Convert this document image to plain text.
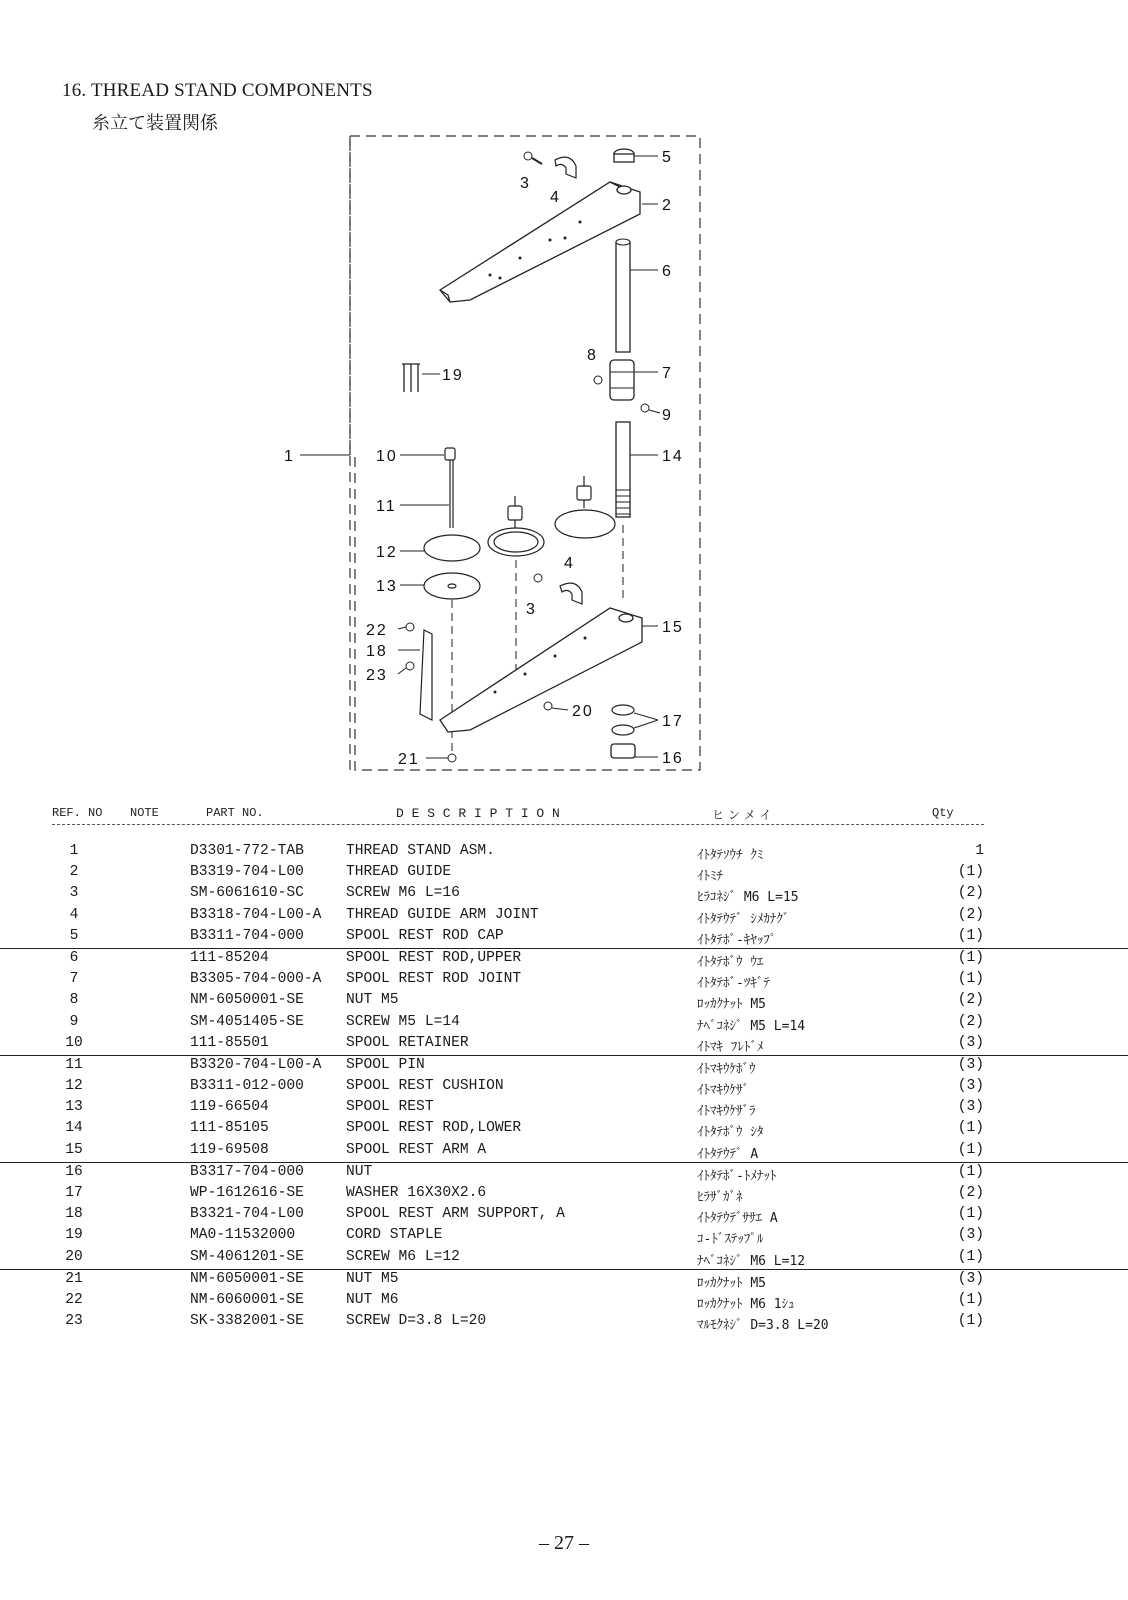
16. THREAD STAND COMPONENTS
糸立て装置関係
5
2
3
4
6
8
7
9
19
1	10	14
11
12
4
13
3
22	15
18
23
20
17
21	16
REF. NO NOTE	PART NO.	D E S C R I P T I O N	ヒ ン メ イ	Qty
1	D3301-772-TAB	THREAD STAND ASM.	ｲﾄﾀﾃｿｳﾁ ｸﾐ	1
2	B3319-704-L00	THREAD GUIDE	ｲﾄﾐﾁ	(1)
3	SM-6061610-SC	SCREW M6 L=16	ﾋﾗｺﾈｼﾞ M6 L=15	(2)
4	B3318-704-L00-A THREAD GUIDE ARM JOINT	ｲﾄﾀﾃｳﾃﾞ ｼﾒｶﾅｸﾞ	(2)
5	B3311-704-000	SPOOL REST ROD CAP	ｲﾄﾀﾃﾎﾞ-ｷﾔｯﾌﾟ	(1)
6	111-85204	SPOOL REST ROD,UPPER	ｲﾄﾀﾃﾎﾞｳ ｳｴ	(1)
7	B3305-704-000-A SPOOL REST ROD JOINT	ｲﾄﾀﾃﾎﾞ-ﾂｷﾞﾃ	(1)
8	NM-6050001-SE	NUT M5	ﾛｯｶｸﾅｯﾄ M5	(2)
9	SM-4051405-SE	SCREW M5 L=14	ﾅﾍﾞｺﾈｼﾞ M5 L=14	(2)
10	111-85501	SPOOL RETAINER	ｲﾄﾏｷ ﾌﾚﾄﾞﾒ	(3)
11	B3320-704-L00-A SPOOL PIN	ｲﾄﾏｷｳｹﾎﾞｳ	(3)
12	B3311-012-000	SPOOL REST CUSHION	ｲﾄﾏｷｳｹｻﾞ	(3)
13	119-66504	SPOOL REST	ｲﾄﾏｷｳｹｻﾞﾗ	(3)
14	111-85105	SPOOL REST ROD,LOWER	ｲﾄﾀﾃﾎﾞｳ ｼﾀ	(1)
15	119-69508	SPOOL REST ARM A	ｲﾄﾀﾃｳﾃﾞ A	(1)
16	B3317-704-000	NUT	ｲﾄﾀﾃﾎﾞ-ﾄﾒﾅｯﾄ	(1)
17	WP-1612616-SE	WASHER 16X30X2.6	ﾋﾗｻﾞｶﾞﾈ	(2)
18	B3321-704-L00	SPOOL REST ARM SUPPORT, A	ｲﾄﾀﾃｳﾃﾞｻｻｴ A	(1)
19	MA0-11532000	CORD STAPLE	ｺ-ﾄﾞｽﾃｯﾌﾟﾙ	(3)
20	SM-4061201-SE	SCREW M6 L=12	ﾅﾍﾞｺﾈｼﾞ M6 L=12	(1)
21	NM-6050001-SE	NUT M5	ﾛｯｶｸﾅｯﾄ M5	(3)
22	NM-6060001-SE	NUT M6	ﾛｯｶｸﾅｯﾄ M6 1ｼｭ	(1)
23	SK-3382001-SE	SCREW D=3.8 L=20	ﾏﾙﾓｸﾈｼﾞ D=3.8 L=20	(1)
– 27 –
